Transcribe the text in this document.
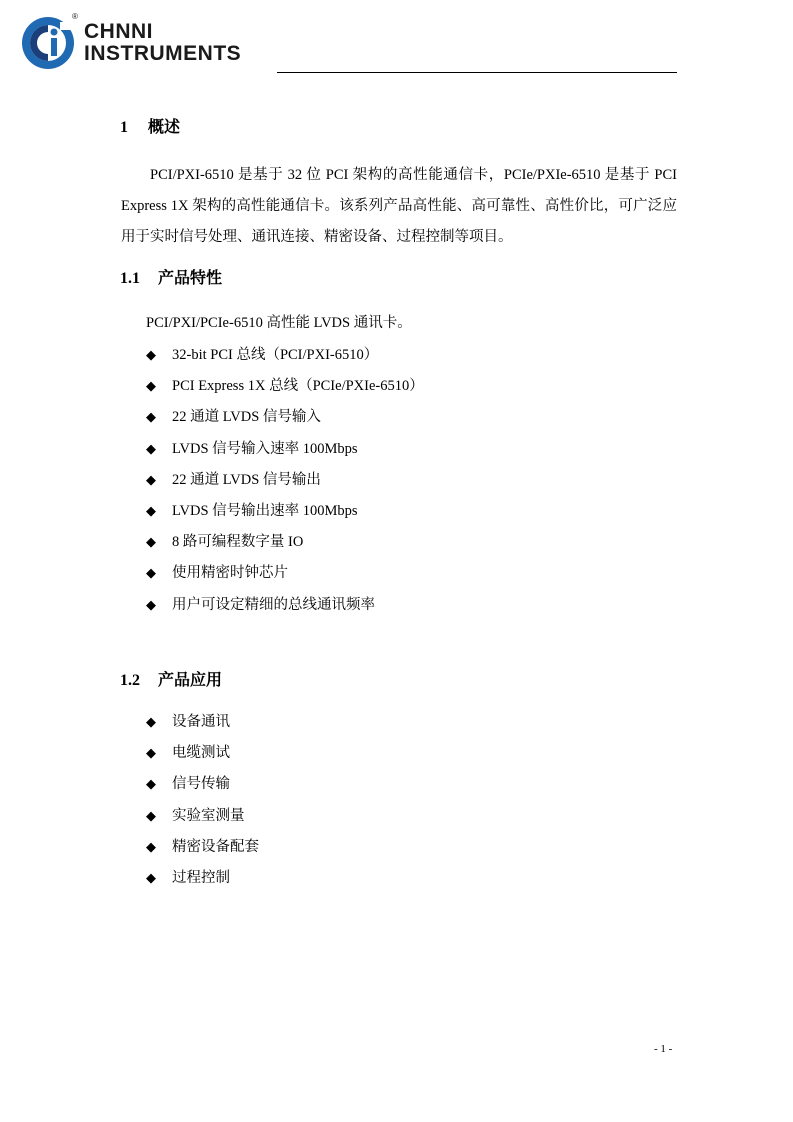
®
CHNNI
INSTRUMENTS
1 概述

PCI/PXI-6510 是基于 32 位 PCI 架构的高性能通信卡，PCIe/PXIe-6510 是基于 PCI Express 1X 架构的高性能通信卡。该系列产品高性能、高可靠性、高性价比，可广泛应用于实时信号处理、通讯连接、精密设备、过程控制等项目。

1.1 产品特性
PCI/PXI/PCIe-6510 高性能 LVDS 通讯卡。
◆ 32-bit PCI 总线（PCI/PXI-6510）
◆ PCI Express 1X 总线（PCIe/PXIe-6510）
◆ 22 通道 LVDS 信号输入
◆ LVDS 信号输入速率 100Mbps
◆ 22 通道 LVDS 信号输出
◆ LVDS 信号输出速率 100Mbps
◆ 8 路可编程数字量 IO
◆ 使用精密时钟芯片
◆ 用户可设定精细的总线通讯频率
1.2 产品应用
◆ 设备通讯
◆ 电缆测试
◆ 信号传输
◆ 实验室测量
◆ 精密设备配套
◆ 过程控制
- 1 -
